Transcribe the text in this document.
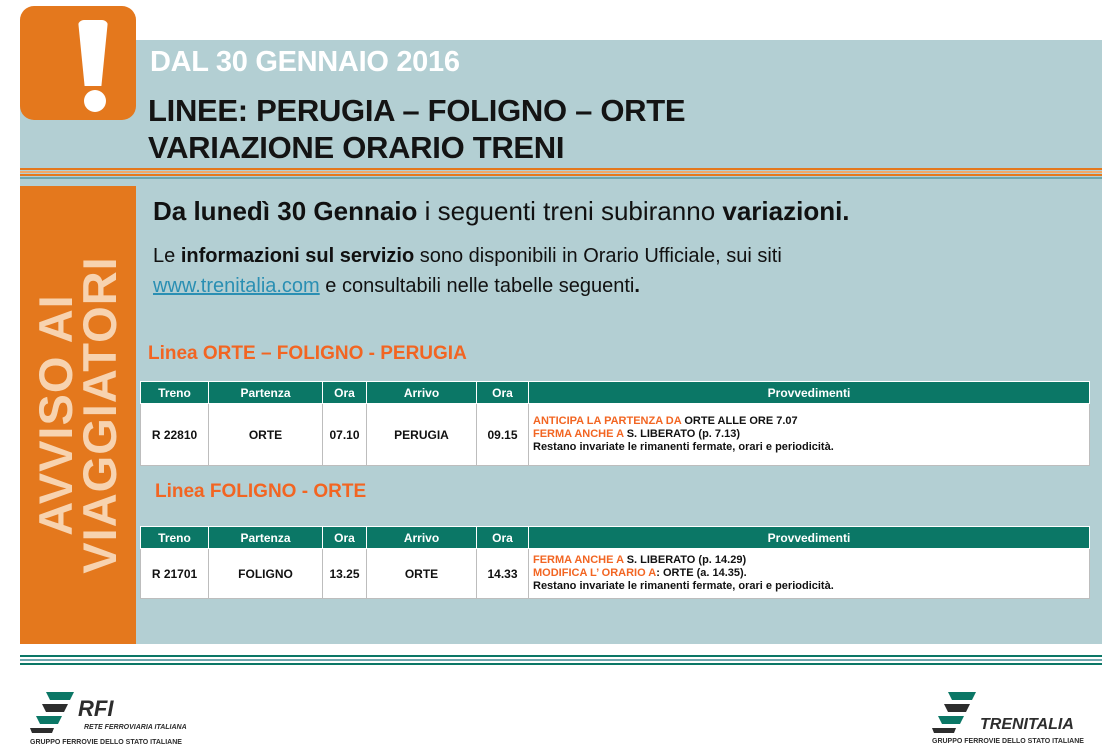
DAL 30 GENNAIO 2016
LINEE: PERUGIA – FOLIGNO – ORTE
VARIAZIONE ORARIO TRENI
AVVISO AI
VIAGGIATORI
Da lunedì 30 Gennaio i seguenti treni subiranno variazioni.
Le informazioni sul servizio sono disponibili in Orario Ufficiale, sui siti
www.trenitalia.com e consultabili nelle tabelle seguenti.
Linea ORTE – FOLIGNO - PERUGIA
Treno	Partenza	Ora	Arrivo	Ora	Provvedimenti
R 22810	ORTE	07.10	PERUGIA	09.15	ANTICIPA LA PARTENZA DA ORTE ALLE ORE 7.07
FERMA ANCHE A S. LIBERATO (p. 7.13)
Restano invariate le rimanenti fermate, orari e periodicità.
Linea FOLIGNO - ORTE
Treno	Partenza	Ora	Arrivo	Ora	Provvedimenti
R 21701	FOLIGNO	13.25	ORTE	14.33	FERMA ANCHE A S. LIBERATO (p. 14.29)
MODIFICA L’ ORARIO A: ORTE (a. 14.35).
Restano invariate le rimanenti fermate, orari e periodicità.
RFI
RETE FERROVIARIA ITALIANA
GRUPPO FERROVIE DELLO STATO ITALIANE
TRENITALIA
GRUPPO FERROVIE DELLO STATO ITALIANE
